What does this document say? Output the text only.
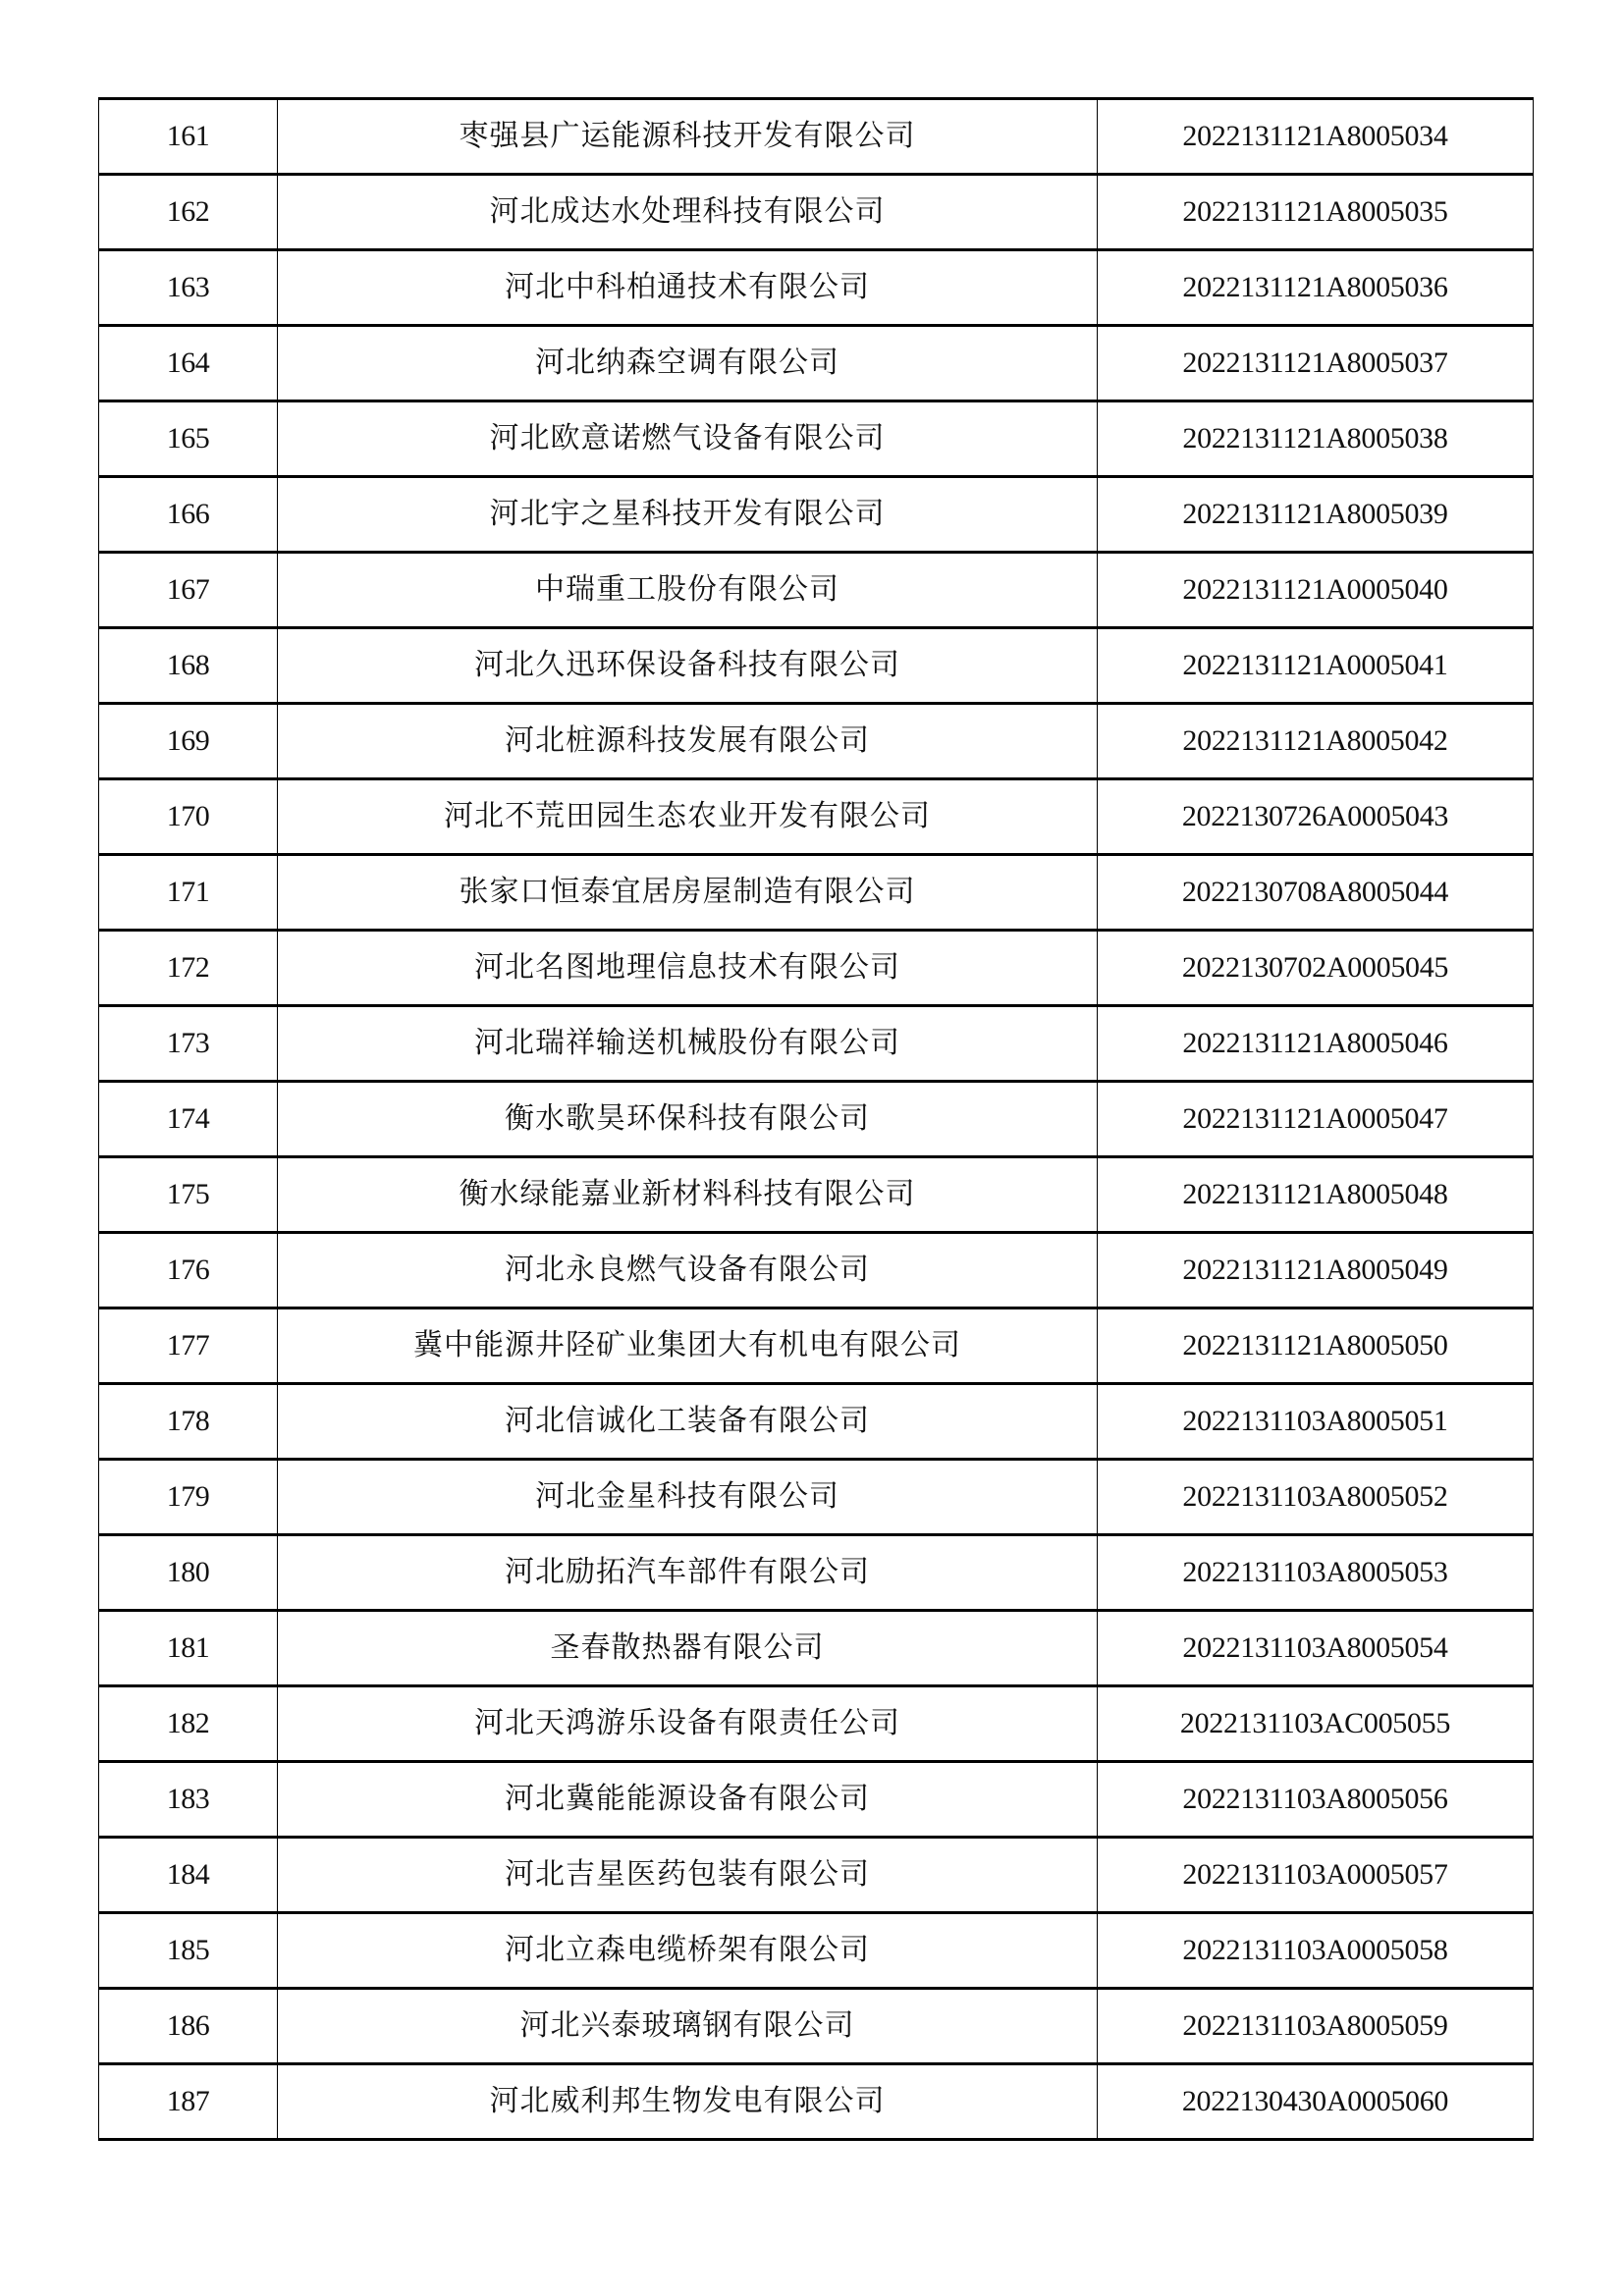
161	枣强县广运能源科技开发有限公司	2022131121A8005034
162	河北成达水处理科技有限公司	2022131121A8005035
163	河北中科柏通技术有限公司	2022131121A8005036
164	河北纳森空调有限公司	2022131121A8005037
165	河北欧意诺燃气设备有限公司	2022131121A8005038
166	河北宇之星科技开发有限公司	2022131121A8005039
167	中瑞重工股份有限公司	2022131121A0005040
168	河北久迅环保设备科技有限公司	2022131121A0005041
169	河北桩源科技发展有限公司	2022131121A8005042
170	河北不荒田园生态农业开发有限公司	2022130726A0005043
171	张家口恒泰宜居房屋制造有限公司	2022130708A8005044
172	河北名图地理信息技术有限公司	2022130702A0005045
173	河北瑞祥输送机械股份有限公司	2022131121A8005046
174	衡水歌昊环保科技有限公司	2022131121A0005047
175	衡水绿能嘉业新材料科技有限公司	2022131121A8005048
176	河北永良燃气设备有限公司	2022131121A8005049
177	冀中能源井陉矿业集团大有机电有限公司	2022131121A8005050
178	河北信诚化工装备有限公司	2022131103A8005051
179	河北金星科技有限公司	2022131103A8005052
180	河北励拓汽车部件有限公司	2022131103A8005053
181	圣春散热器有限公司	2022131103A8005054
182	河北天鸿游乐设备有限责任公司	2022131103AC005055
183	河北冀能能源设备有限公司	2022131103A8005056
184	河北吉星医药包装有限公司	2022131103A0005057
185	河北立森电缆桥架有限公司	2022131103A0005058
186	河北兴泰玻璃钢有限公司	2022131103A8005059
187	河北威利邦生物发电有限公司	2022130430A0005060
